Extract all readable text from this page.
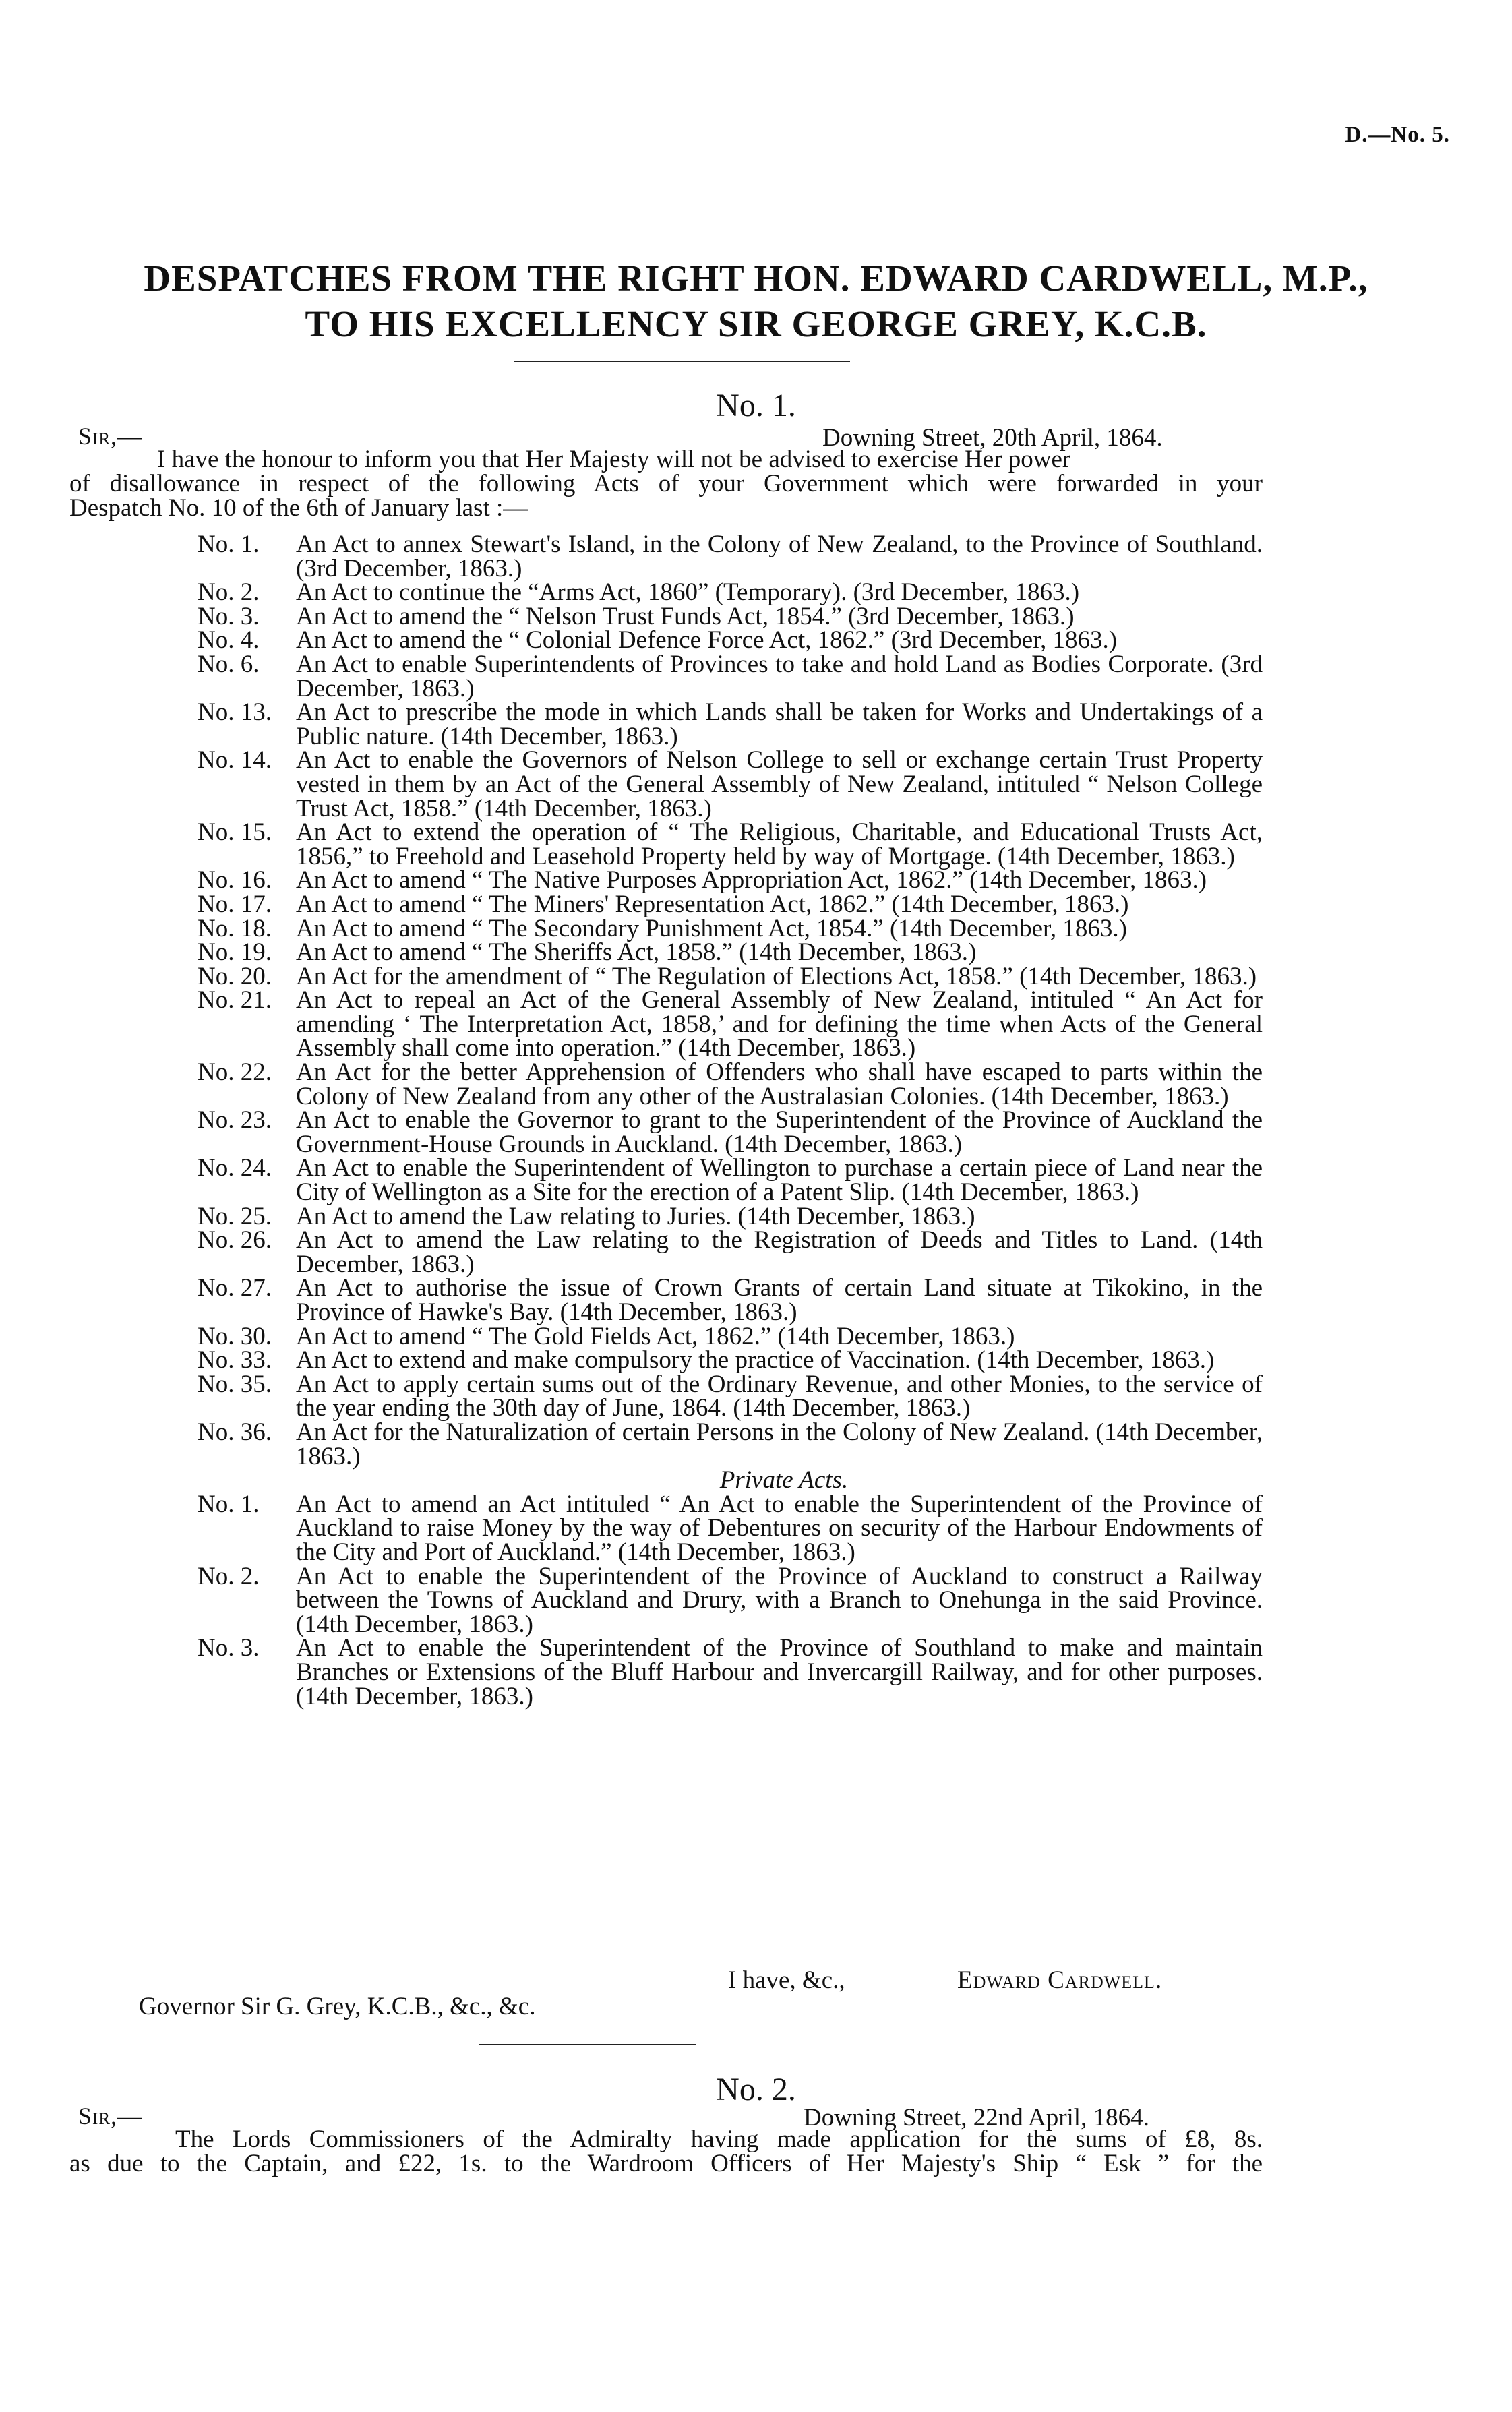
D.—No. 5.
DESPATCHES FROM THE RIGHT HON. EDWARD CARDWELL, M.P.,
TO HIS EXCELLENCY SIR GEORGE GREY, K.C.B.
No. 1.
Sir,—	Downing Street, 20th April, 1864.
I have the honour to inform you that Her Majesty will not be advised to exercise Her power
of disallowance in respect of the following Acts of your Government which were forwarded in your
Despatch No. 10 of the 6th of January last :—
No. 1.	An Act to annex Stewart's Island, in the Colony of New Zealand, to the Province of Southland. (3rd December, 1863.)
No. 2.	An Act to continue the “Arms Act, 1860” (Temporary). (3rd December, 1863.)
No. 3.	An Act to amend the “ Nelson Trust Funds Act, 1854.” (3rd December, 1863.)
No. 4.	An Act to amend the “ Colonial Defence Force Act, 1862.” (3rd December, 1863.)
No. 6.	An Act to enable Superintendents of Provinces to take and hold Land as Bodies Corporate. (3rd December, 1863.)
No. 13. An Act to prescribe the mode in which Lands shall be taken for Works and Undertakings of a Public nature. (14th December, 1863.)
No. 14. An Act to enable the Governors of Nelson College to sell or exchange certain Trust Property vested in them by an Act of the General Assembly of New Zealand, intituled “ Nelson College Trust Act, 1858.” (14th December, 1863.)
No. 15. An Act to extend the operation of “ The Religious, Charitable, and Educational Trusts Act, 1856,” to Freehold and Leasehold Property held by way of Mortgage. (14th December, 1863.)
No. 16. An Act to amend “ The Native Purposes Appropriation Act, 1862.” (14th December, 1863.)
No. 17. An Act to amend “ The Miners' Representation Act, 1862.” (14th December, 1863.)
No. 18. An Act to amend “ The Secondary Punishment Act, 1854.” (14th December, 1863.)
No. 19. An Act to amend “ The Sheriffs Act, 1858.” (14th December, 1863.)
No. 20. An Act for the amendment of “ The Regulation of Elections Act, 1858.” (14th December, 1863.)
No. 21. An Act to repeal an Act of the General Assembly of New Zealand, intituled “ An Act for amending ‘ The Interpretation Act, 1858,’ and for defining the time when Acts of the General Assembly shall come into operation.” (14th December, 1863.)
No. 22. An Act for the better Apprehension of Offenders who shall have escaped to parts within the Colony of New Zealand from any other of the Australasian Colonies. (14th December, 1863.)
No. 23. An Act to enable the Governor to grant to the Superintendent of the Province of Auckland the Government-House Grounds in Auckland. (14th December, 1863.)
No. 24. An Act to enable the Superintendent of Wellington to purchase a certain piece of Land near the City of Wellington as a Site for the erection of a Patent Slip. (14th December, 1863.)
No. 25. An Act to amend the Law relating to Juries. (14th December, 1863.)
No. 26. An Act to amend the Law relating to the Registration of Deeds and Titles to Land. (14th December, 1863.)
No. 27. An Act to authorise the issue of Crown Grants of certain Land situate at Tikokino, in the Province of Hawke's Bay. (14th December, 1863.)
No. 30. An Act to amend “ The Gold Fields Act, 1862.” (14th December, 1863.)
No. 33. An Act to extend and make compulsory the practice of Vaccination. (14th December, 1863.)
No. 35. An Act to apply certain sums out of the Ordinary Revenue, and other Monies, to the service of the year ending the 30th day of June, 1864. (14th December, 1863.)
No. 36. An Act for the Naturalization of certain Persons in the Colony of New Zealand. (14th December, 1863.)
Private Acts.
No. 1.	An Act to amend an Act intituled “ An Act to enable the Superintendent of the Province of Auckland to raise Money by the way of Debentures on security of the Harbour Endowments of the City and Port of Auckland.” (14th December, 1863.)
No. 2.	An Act to enable the Superintendent of the Province of Auckland to construct a Railway between the Towns of Auckland and Drury, with a Branch to Onehunga in the said Province. (14th December, 1863.)
No. 3.	An Act to enable the Superintendent of the Province of Southland to make and maintain Branches or Extensions of the Bluff Harbour and Invercargill Railway, and for other purposes. (14th December, 1863.)
I have, &c.,	Edward Cardwell.
Governor Sir G. Grey, K.C.B., &c., &c.
No. 2.
Sir,—	Downing Street, 22nd April, 1864.
The Lords Commissioners of the Admiralty having made application for the sums of £8, 8s.
as due to the Captain, and £22, 1s. to the Wardroom Officers of Her Majesty's Ship “ Esk ” for the
